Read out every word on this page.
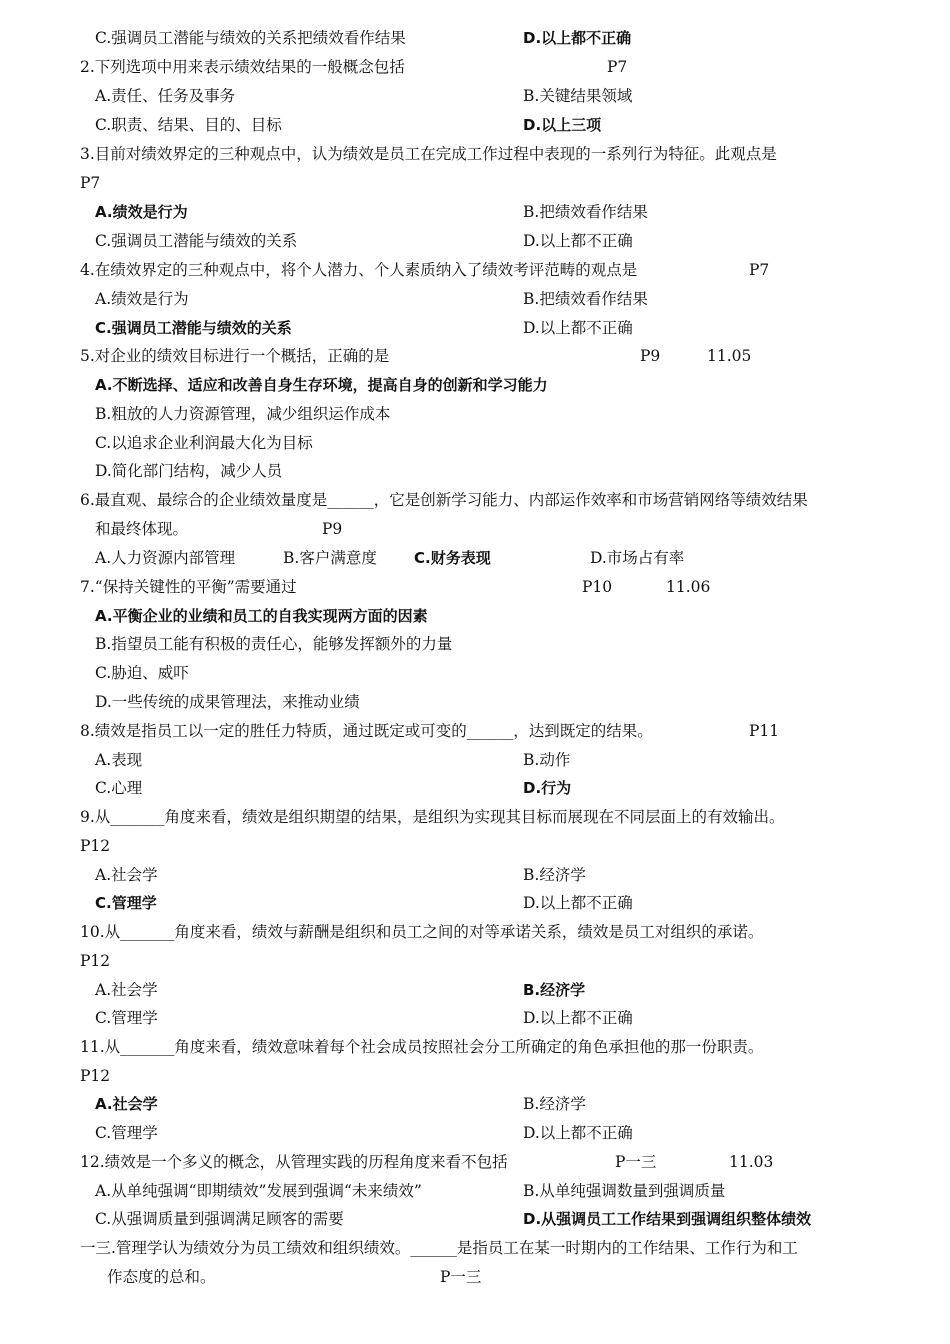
C.强调员工潜能与绩效的关系把绩效看作结果	D.以上都不正确
2.下列选项中用来表示绩效结果的一般概念包括	P7
A.责任、任务及事务	B.关键结果领域
C.职责、结果、目的、目标	D.以上三项
3.目前对绩效界定的三种观点中，认为绩效是员工在完成工作过程中表现的一系列行为特征。此观点是
P7
A.绩效是行为	B.把绩效看作结果
C.强调员工潜能与绩效的关系	D.以上都不正确
4.在绩效界定的三种观点中，将个人潜力、个人素质纳入了绩效考评范畴的观点是	P7
A.绩效是行为	B.把绩效看作结果
C.强调员工潜能与绩效的关系	D.以上都不正确
5.对企业的绩效目标进行一个概括，正确的是	P9	11.05
A.不断选择、适应和改善自身生存环境，提高自身的创新和学习能力
B.粗放的人力资源管理，减少组织运作成本
C.以追求企业利润最大化为目标
D.简化部门结构，减少人员
6.最直观、最综合的企业绩效量度是______，它是创新学习能力、内部运作效率和市场营销网络等绩效结果
和最终体现。	P9
A.人力资源内部管理	B.客户满意度 C.财务表现	D.市场占有率
7.“保持关键性的平衡”需要通过	P10	11.06
A.平衡企业的业绩和员工的自我实现两方面的因素
B.指望员工能有积极的责任心，能够发挥额外的力量
C.胁迫、威吓
D.一些传统的成果管理法，来推动业绩
8.绩效是指员工以一定的胜任力特质，通过既定或可变的______，达到既定的结果。	P11
A.表现	B.动作
C.心理	D.行为
9.从_______角度来看，绩效是组织期望的结果，是组织为实现其目标而展现在不同层面上的有效输出。
P12
A.社会学	B.经济学
C.管理学	D.以上都不正确
10.从_______角度来看，绩效与薪酬是组织和员工之间的对等承诺关系，绩效是员工对组织的承诺。
P12
A.社会学	B.经济学
C.管理学	D.以上都不正确
11.从_______角度来看，绩效意味着每个社会成员按照社会分工所确定的角色承担他的那一份职责。
P12
A.社会学	B.经济学
C.管理学	D.以上都不正确
12.绩效是一个多义的概念，从管理实践的历程角度来看不包括	P一三	11.03
A.从单纯强调“即期绩效”发展到强调“未来绩效”	B.从单纯强调数量到强调质量
C.从强调质量到强调满足顾客的需要	D.从强调员工工作结果到强调组织整体绩效
一三.管理学认为绩效分为员工绩效和组织绩效。______是指员工在某一时期内的工作结果、工作行为和工
作态度的总和。	P一三
